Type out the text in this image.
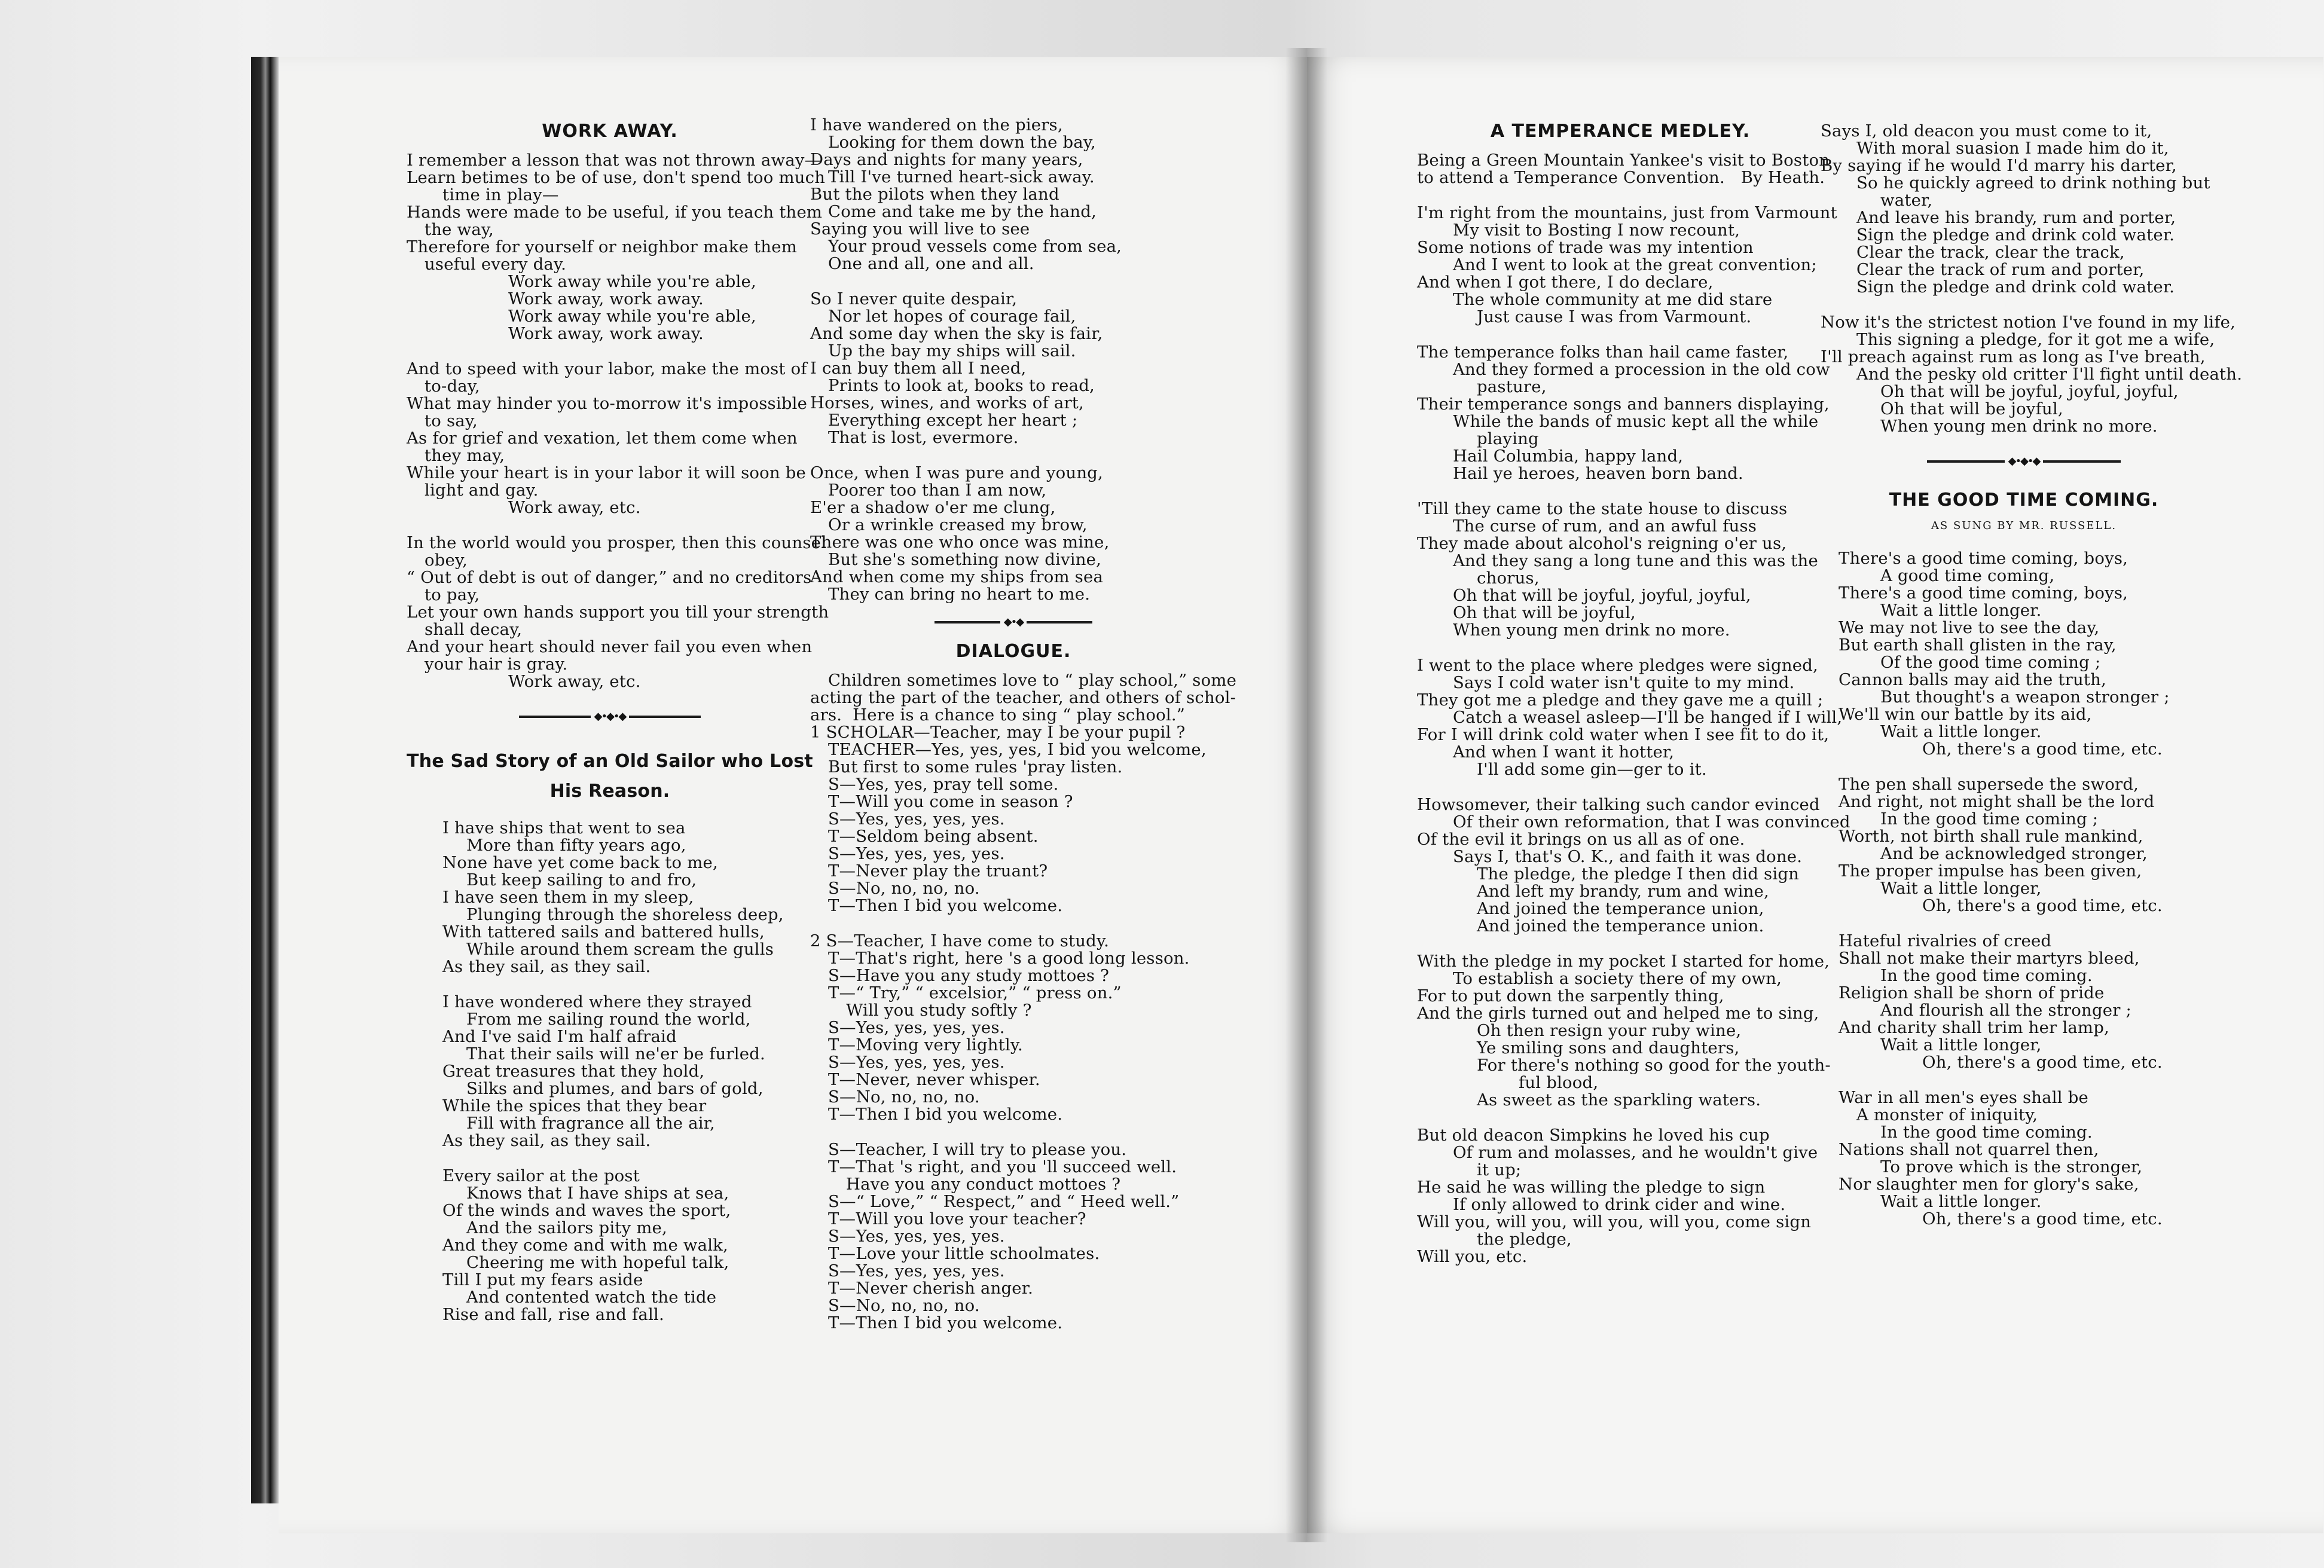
WORK AWAY.
I remember a lesson that was not thrown away—
Learn betimes to be of use, don't spend too much
time in play—
Hands were made to be useful, if you teach them
the way,
Therefore for yourself or neighbor make them
useful every day.
Work away while you're able,
Work away, work away.
Work away while you're able,
Work away, work away.
And to speed with your labor, make the most of
to-day,
What may hinder you to-morrow it's impossible
to say,
As for grief and vexation, let them come when
they may,
While your heart is in your labor it will soon be
light and gay.
Work away, etc.
In the world would you prosper, then this counsel
obey,
“ Out of debt is out of danger,” and no creditors
to pay,
Let your own hands support you till your strength
shall decay,
And your heart should never fail you even when
your hair is gray.
Work away, etc.
◆•◆•◆
The Sad Story of an Old Sailor who Lost His Reason.
I have ships that went to sea
More than fifty years ago,
None have yet come back to me,
But keep sailing to and fro,
I have seen them in my sleep,
Plunging through the shoreless deep,
With tattered sails and battered hulls,
While around them scream the gulls
As they sail, as they sail.
I have wondered where they strayed
From me sailing round the world,
And I've said I'm half afraid
That their sails will ne'er be furled.
Great treasures that they hold,
Silks and plumes, and bars of gold,
While the spices that they bear
Fill with fragrance all the air,
As they sail, as they sail.
Every sailor at the post
Knows that I have ships at sea,
Of the winds and waves the sport,
And the sailors pity me,
And they come and with me walk,
Cheering me with hopeful talk,
Till I put my fears aside
And contented watch the tide
Rise and fall, rise and fall.
I have wandered on the piers,
Looking for them down the bay,
Days and nights for many years,
Till I've turned heart-sick away.
But the pilots when they land
Come and take me by the hand,
Saying you will live to see
Your proud vessels come from sea,
One and all, one and all.
So I never quite despair,
Nor let hopes of courage fail,
And some day when the sky is fair,
Up the bay my ships will sail.
I can buy them all I need,
Prints to look at, books to read,
Horses, wines, and works of art,
Everything except her heart ;
That is lost, evermore.
Once, when I was pure and young,
Poorer too than I am now,
E'er a shadow o'er me clung,
Or a wrinkle creased my brow,
There was one who once was mine,
But she's something now divine,
And when come my ships from sea
They can bring no heart to me.
◆•◆
DIALOGUE.
Children sometimes love to “ play school,” some
acting the part of the teacher, and others of schol-
ars.  Here is a chance to sing “ play school.”
1 SCHOLAR—Teacher, may I be your pupil ?
TEACHER—Yes, yes, yes, I bid you welcome,
But first to some rules 'pray listen.
S—Yes, yes, pray tell some.
T—Will you come in season ?
S—Yes, yes, yes, yes.
T—Seldom being absent.
S—Yes, yes, yes, yes.
T—Never play the truant?
S—No, no, no, no.
T—Then I bid you welcome.
2 S—Teacher, I have come to study.
T—That's right, here 's a good long lesson.
S—Have you any study mottoes ?
T—“ Try,” “ excelsior,” “ press on.”
Will you study softly ?
S—Yes, yes, yes, yes.
T—Moving very lightly.
S—Yes, yes, yes, yes.
T—Never, never whisper.
S—No, no, no, no.
T—Then I bid you welcome.
S—Teacher, I will try to please you.
T—That 's right, and you 'll succeed well.
Have you any conduct mottoes ?
S—“ Love,” “ Respect,” and “ Heed well.”
T—Will you love your teacher?
S—Yes, yes, yes, yes.
T—Love your little schoolmates.
S—Yes, yes, yes, yes.
T—Never cherish anger.
S—No, no, no, no.
T—Then I bid you welcome.
A TEMPERANCE MEDLEY.
Being a Green Mountain Yankee's visit to Boston
to attend a Temperance Convention.   By Heath.
I'm right from the mountains, just from Varmount
My visit to Bosting I now recount,
Some notions of trade was my intention
And I went to look at the great convention;
And when I got there, I do declare,
The whole community at me did stare
Just cause I was from Varmount.
The temperance folks than hail came faster,
And they formed a procession in the old cow
pasture,
Their temperance songs and banners displaying,
While the bands of music kept all the while
playing
Hail Columbia, happy land,
Hail ye heroes, heaven born band.
'Till they came to the state house to discuss
The curse of rum, and an awful fuss
They made about alcohol's reigning o'er us,
And they sang a long tune and this was the
chorus,
Oh that will be joyful, joyful, joyful,
Oh that will be joyful,
When young men drink no more.
I went to the place where pledges were signed,
Says I cold water isn't quite to my mind.
They got me a pledge and they gave me a quill ;
Catch a weasel asleep—I'll be hanged if I will,
For I will drink cold water when I see fit to do it,
And when I want it hotter,
I'll add some gin—ger to it.
Howsomever, their talking such candor evinced
Of their own reformation, that I was convinced
Of the evil it brings on us all as of one.
Says I, that's O. K., and faith it was done.
The pledge, the pledge I then did sign
And left my brandy, rum and wine,
And joined the temperance union,
And joined the temperance union.
With the pledge in my pocket I started for home,
To establish a society there of my own,
For to put down the sarpently thing,
And the girls turned out and helped me to sing,
Oh then resign your ruby wine,
Ye smiling sons and daughters,
For there's nothing so good for the youth-
ful blood,
As sweet as the sparkling waters.
But old deacon Simpkins he loved his cup
Of rum and molasses, and he wouldn't give
it up;
He said he was willing the pledge to sign
If only allowed to drink cider and wine.
Will you, will you, will you, will you, come sign
the pledge,
Will you, etc.
Says I, old deacon you must come to it,
With moral suasion I made him do it,
By saying if he would I'd marry his darter,
So he quickly agreed to drink nothing but
water,
And leave his brandy, rum and porter,
Sign the pledge and drink cold water.
Clear the track, clear the track,
Clear the track of rum and porter,
Sign the pledge and drink cold water.
Now it's the strictest notion I've found in my life,
This signing a pledge, for it got me a wife,
I'll preach against rum as long as I've breath,
And the pesky old critter I'll fight until death.
Oh that will be joyful, joyful, joyful,
Oh that will be joyful,
When young men drink no more.
◆•◆•◆
THE GOOD TIME COMING.
AS SUNG BY MR. RUSSELL.
There's a good time coming, boys,
A good time coming,
There's a good time coming, boys,
Wait a little longer.
We may not live to see the day,
But earth shall glisten in the ray,
Of the good time coming ;
Cannon balls may aid the truth,
But thought's a weapon stronger ;
We'll win our battle by its aid,
Wait a little longer.
Oh, there's a good time, etc.
The pen shall supersede the sword,
And right, not might shall be the lord
In the good time coming ;
Worth, not birth shall rule mankind,
And be acknowledged stronger,
The proper impulse has been given,
Wait a little longer,
Oh, there's a good time, etc.
Hateful rivalries of creed
Shall not make their martyrs bleed,
In the good time coming.
Religion shall be shorn of pride
And flourish all the stronger ;
And charity shall trim her lamp,
Wait a little longer,
Oh, there's a good time, etc.
War in all men's eyes shall be
A monster of iniquity,
In the good time coming.
Nations shall not quarrel then,
To prove which is the stronger,
Nor slaughter men for glory's sake,
Wait a little longer.
Oh, there's a good time, etc.
